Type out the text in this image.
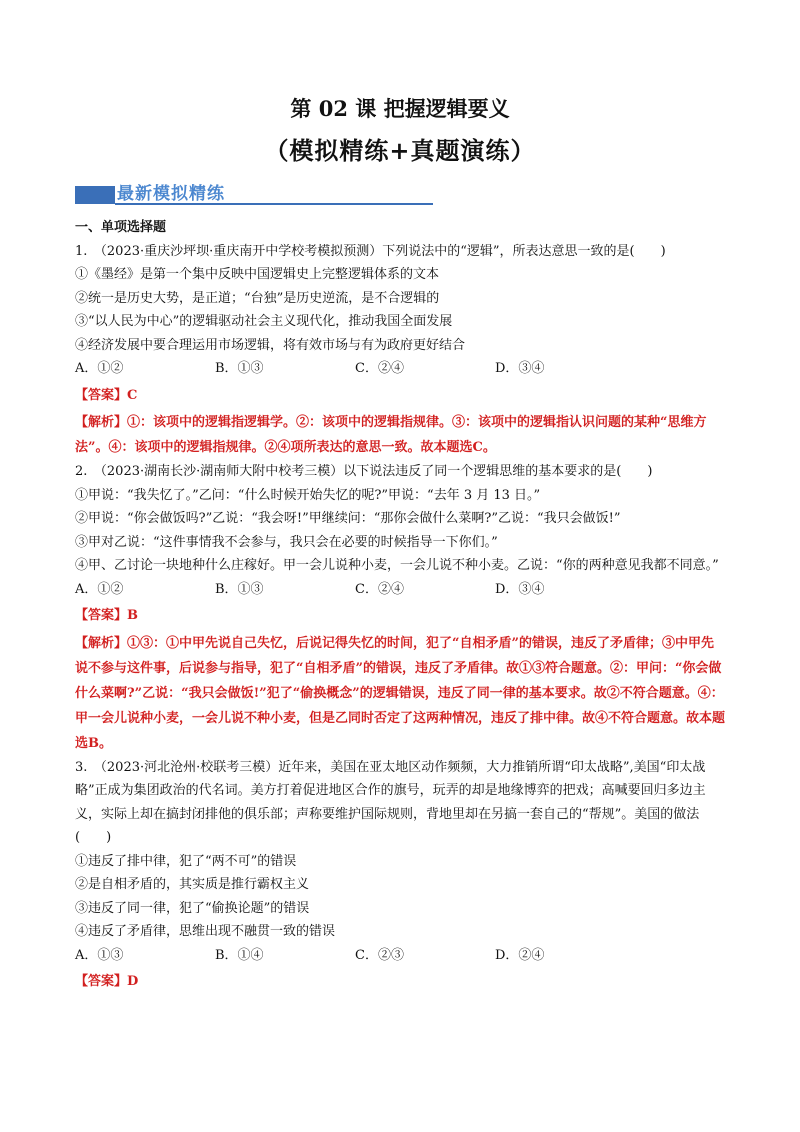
第 02 课 把握逻辑要义
（模拟精练+真题演练）
最新模拟精练
一、单项选择题
1.　（2023·重庆沙坪坝·重庆南开中学校考模拟预测）下列说法中的“逻辑”，所表达意思一致的是(　　)
①《墨经》是第一个集中反映中国逻辑史上完整逻辑体系的文本
②统一是历史大势，是正道；“台独”是历史逆流，是不合逻辑的
③“以人民为中心”的逻辑驱动社会主义现代化，推动我国全面发展
④经济发展中要合理运用市场逻辑，将有效市场与有为政府更好结合
A．①②	B．①③	C．②④	D．③④
【答案】C
【解析】①：该项中的逻辑指逻辑学。②：该项中的逻辑指规律。③：该项中的逻辑指认识问题的某种“思维方法”。④：该项中的逻辑指规律。②④项所表达的意思一致。故本题选C。
2.　（2023·湖南长沙·湖南师大附中校考三模）以下说法违反了同一个逻辑思维的基本要求的是(　　)
①甲说：“我失忆了。”乙问：“什么时候开始失忆的呢?”甲说：“去年 3 月 13 日。”
②甲说：“你会做饭吗?”乙说：“我会呀!”甲继续问：“那你会做什么菜啊?”乙说：“我只会做饭!”
③甲对乙说：“这件事情我不会参与，我只会在必要的时候指导一下你们。”
④甲、乙讨论一块地种什么庄稼好。甲一会儿说种小麦，一会儿说不种小麦。乙说：“你的两种意见我都不同意。”
A．①②	B．①③	C．②④	D．③④
【答案】B
【解析】①③：①中甲先说自己失忆，后说记得失忆的时间，犯了“自相矛盾”的错误，违反了矛盾律；③中甲先说不参与这件事，后说参与指导，犯了“自相矛盾”的错误，违反了矛盾律。故①③符合题意。②：甲问：“你会做什么菜啊?”乙说：“我只会做饭!”犯了“偷换概念”的逻辑错误，违反了同一律的基本要求。故②不符合题意。④：甲一会儿说种小麦，一会儿说不种小麦，但是乙同时否定了这两种情况，违反了排中律。故④不符合题意。故本题选B。
3.　（2023·河北沧州·校联考三模）近年来，美国在亚太地区动作频频，大力推销所谓“印太战略”,美国“印太战略”正成为集团政治的代名词。美方打着促进地区合作的旗号，玩弄的却是地缘博弈的把戏；高喊要回归多边主义，实际上却在搞封闭排他的俱乐部；声称要维护国际规则，背地里却在另搞一套自己的“帮规”。美国的做法(　　)
①违反了排中律，犯了“两不可”的错误
②是自相矛盾的，其实质是推行霸权主义
③违反了同一律，犯了“偷换论题”的错误
④违反了矛盾律，思维出现不融贯一致的错误
A．①③	B．①④	C．②③	D．②④
【答案】D
